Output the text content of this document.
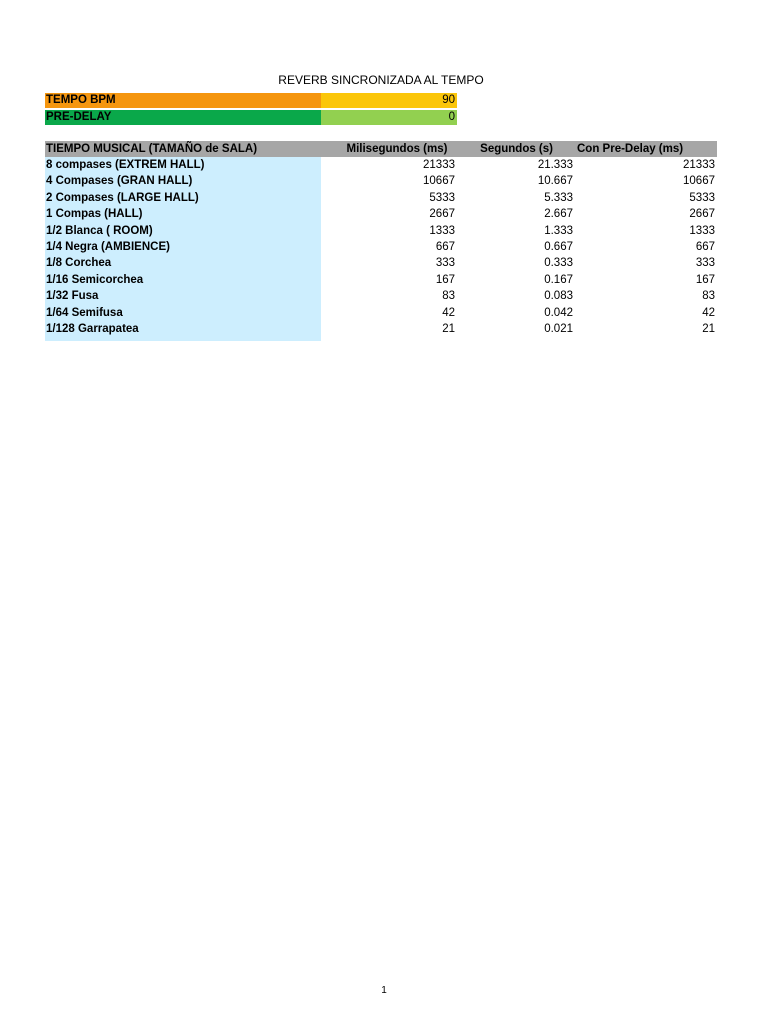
REVERB SINCRONIZADA AL TEMPO
TEMPO BPM	90
PRE-DELAY	0
TIEMPO MUSICAL (TAMAÑO de SALA)	Milisegundos (ms)	Segundos (s)	Con Pre-Delay (ms)
8 compases (EXTREM HALL)	21333	21.333	21333
4 Compases (GRAN HALL)	10667	10.667	10667
2 Compases (LARGE HALL)	5333	5.333	5333
1 Compas (HALL)	2667	2.667	2667
1/2 Blanca ( ROOM)	1333	1.333	1333
1/4 Negra (AMBIENCE)	667	0.667	667
1/8 Corchea	333	0.333	333
1/16 Semicorchea	167	0.167	167
1/32 Fusa	83	0.083	83
1/64 Semifusa	42	0.042	42
1/128 Garrapatea	21	0.021	21
1
